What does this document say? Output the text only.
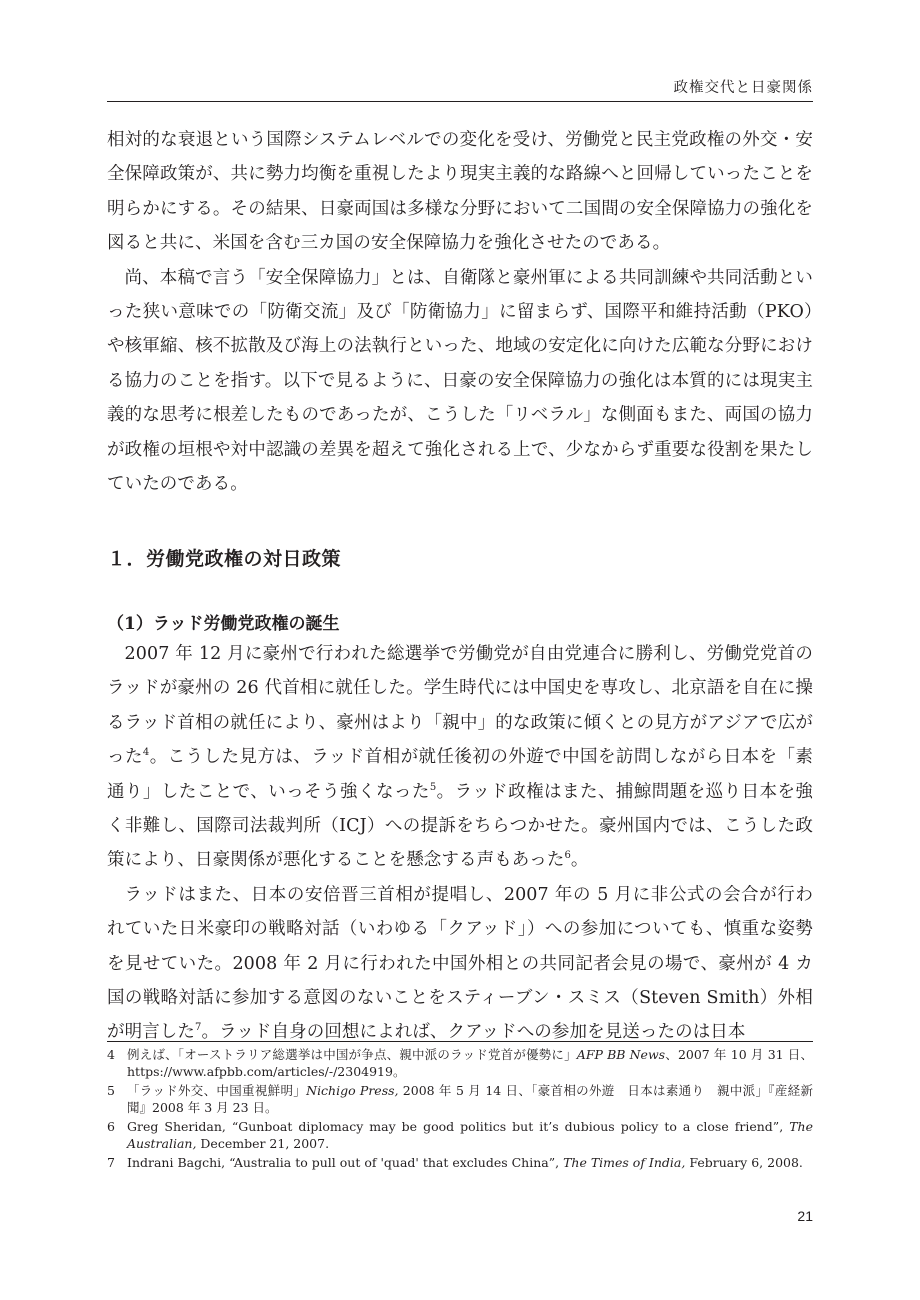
政権交代と日豪関係

相対的な衰退という国際システムレベルでの変化を受け、労働党と民主党政権の外交・安全保障政策が、共に勢力均衡を重視したより現実主義的な路線へと回帰していったことを明らかにする。その結果、日豪両国は多様な分野において二国間の安全保障協力の強化を図ると共に、米国を含む三カ国の安全保障協力を強化させたのである。

尚、本稿で言う「安全保障協力」とは、自衛隊と豪州軍による共同訓練や共同活動といった狭い意味での「防衛交流」及び「防衛協力」に留まらず、国際平和維持活動（PKO）や核軍縮、核不拡散及び海上の法執行といった、地域の安定化に向けた広範な分野における協力のことを指す。以下で見るように、日豪の安全保障協力の強化は本質的には現実主義的な思考に根差したものであったが、こうした「リベラル」な側面もまた、両国の協力が政権の垣根や対中認識の差異を超えて強化される上で、少なからず重要な役割を果たしていたのである。

１．労働党政権の対日政策
（1）ラッド労働党政権の誕生

2007 年 12 月に豪州で行われた総選挙で労働党が自由党連合に勝利し、労働党党首のラッドが豪州の 26 代首相に就任した。学生時代には中国史を専攻し、北京語を自在に操るラッド首相の就任により、豪州はより「親中」的な政策に傾くとの見方がアジアで広がった$^4$。こうした見方は、ラッド首相が就任後初の外遊で中国を訪問しながら日本を「素通り」したことで、いっそう強くなった$^5$。ラッド政権はまた、捕鯨問題を巡り日本を強く非難し、国際司法裁判所（ICJ）への提訴をちらつかせた。豪州国内では、こうした政策により、日豪関係が悪化することを懸念する声もあった$^6$。

ラッドはまた、日本の安倍晋三首相が提唱し、2007 年の 5 月に非公式の会合が行われていた日米豪印の戦略対話（いわゆる「クアッド」）への参加についても、慎重な姿勢を見せていた。2008 年 2 月に行われた中国外相との共同記者会見の場で、豪州が 4 カ国の戦略対話に参加する意図のないことをスティーブン・スミス（Steven Smith）外相が明言した$^7$。ラッド自身の回想によれば、クアッドへの参加を見送ったのは日本

4 例えば、「オーストラリア総選挙は中国が争点、親中派のラッド党首が優勢に」AFP BB News、2007 年 10 月 31 日、https://www.afpbb.com/articles/-/2304919。
5 「ラッド外交、中国重視鮮明」Nichigo Press, 2008 年 5 月 14 日、「豪首相の外遊　日本は素通り　親中派」『産経新聞』2008 年 3 月 23 日。
6 Greg Sheridan, “Gunboat diplomacy may be good politics but it’s dubious policy to a close friend”, The Australian, December 21, 2007.
7 Indrani Bagchi, “Australia to pull out of 'quad' that excludes China”, The Times of India, February 6, 2008.
21
